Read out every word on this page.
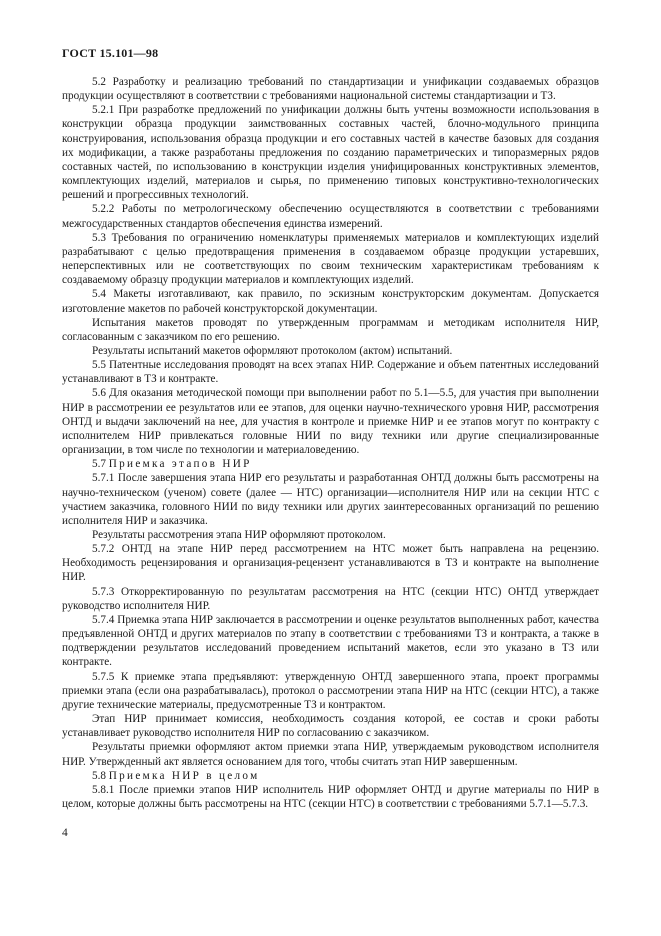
ГОСТ 15.101—98

5.2 Разработку и реализацию требований по стандартизации и унификации создаваемых образцов продукции осуществляют в соответствии с требованиями национальной системы стандартизации и ТЗ.

5.2.1 При разработке предложений по унификации должны быть учтены возможности использования в конструкции образца продукции заимствованных составных частей, блочно-модульного принципа конструирования, использования образца продукции и его составных частей в качестве базовых для создания их модификации, а также разработаны предложения по созданию параметрических и типоразмерных рядов составных частей, по использованию в конструкции изделия унифицированных конструктивных элементов, комплектующих изделий, материалов и сырья, по применению типовых конструктивно-технологических решений и прогрессивных технологий.

5.2.2 Работы по метрологическому обеспечению осуществляются в соответствии с требованиями межгосударственных стандартов обеспечения единства измерений.

5.3 Требования по ограничению номенклатуры применяемых материалов и комплектующих изделий разрабатывают с целью предотвращения применения в создаваемом образце продукции устаревших, неперспективных или не соответствующих по своим техническим характеристикам требованиям к создаваемому образцу продукции материалов и комплектующих изделий.

5.4 Макеты изготавливают, как правило, по эскизным конструкторским документам. Допускается изготовление макетов по рабочей конструкторской документации.

Испытания макетов проводят по утвержденным программам и методикам исполнителя НИР, согласованным с заказчиком по его решению.

Результаты испытаний макетов оформляют протоколом (актом) испытаний.

5.5 Патентные исследования проводят на всех этапах НИР. Содержание и объем патентных исследований устанавливают в ТЗ и контракте.

5.6 Для оказания методической помощи при выполнении работ по 5.1—5.5, для участия при выполнении НИР в рассмотрении ее результатов или ее этапов, для оценки научно-технического уровня НИР, рассмотрения ОНТД и выдачи заключений на нее, для участия в контроле и приемке НИР и ее этапов могут по контракту с исполнителем НИР привлекаться головные НИИ по виду техники или другие специализированные организации, в том числе по технологии и материаловедению.

5.7 Приемка этапов НИР

5.7.1 После завершения этапа НИР его результаты и разработанная ОНТД должны быть рассмотрены на научно-техническом (ученом) совете (далее — НТС) организации—исполнителя НИР или на секции НТС с участием заказчика, головного НИИ по виду техники или других заинтересованных организаций по решению исполнителя НИР и заказчика.

Результаты рассмотрения этапа НИР оформляют протоколом.

5.7.2 ОНТД на этапе НИР перед рассмотрением на НТС может быть направлена на рецензию. Необходимость рецензирования и организация-рецензент устанавливаются в ТЗ и контракте на выполнение НИР.

5.7.3 Откорректированную по результатам рассмотрения на НТС (секции НТС) ОНТД утверждает руководство исполнителя НИР.

5.7.4 Приемка этапа НИР заключается в рассмотрении и оценке результатов выполненных работ, качества предъявленной ОНТД и других материалов по этапу в соответствии с требованиями ТЗ и контракта, а также в подтверждении результатов исследований проведением испытаний макетов, если это указано в ТЗ или контракте.

5.7.5 К приемке этапа предъявляют: утвержденную ОНТД завершенного этапа, проект программы приемки этапа (если она разрабатывалась), протокол о рассмотрении этапа НИР на НТС (секции НТС), а также другие технические материалы, предусмотренные ТЗ и контрактом.

Этап НИР принимает комиссия, необходимость создания которой, ее состав и сроки работы устанавливает руководство исполнителя НИР по согласованию с заказчиком.

Результаты приемки оформляют актом приемки этапа НИР, утверждаемым руководством исполнителя НИР. Утвержденный акт является основанием для того, чтобы считать этап НИР завершенным.

5.8 Приемка НИР в целом

5.8.1 После приемки этапов НИР исполнитель НИР оформляет ОНТД и другие материалы по НИР в целом, которые должны быть рассмотрены на НТС (секции НТС) в соответствии с требованиями 5.7.1—5.7.3.

4
